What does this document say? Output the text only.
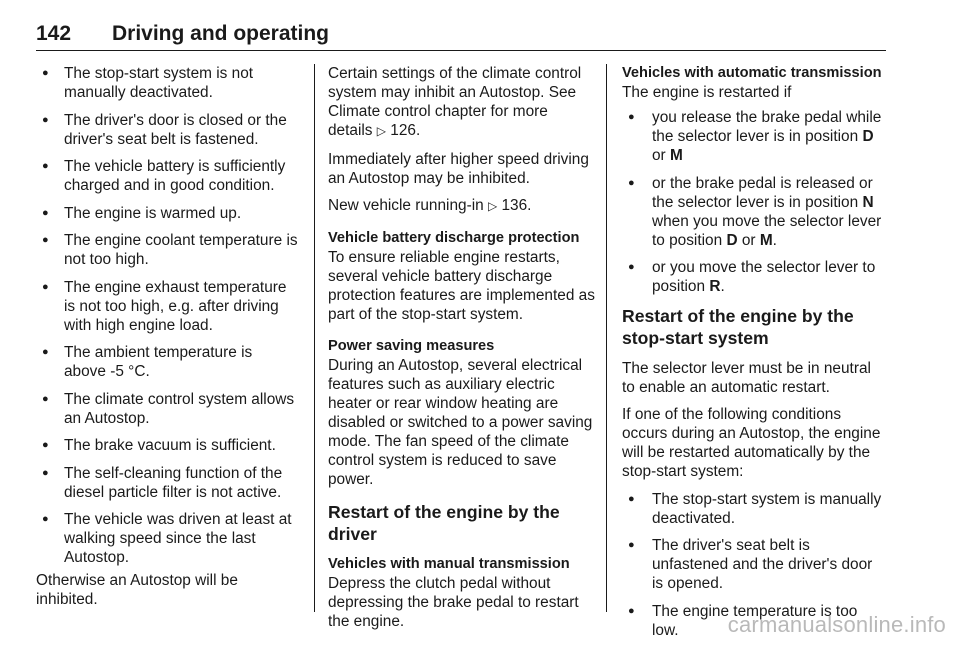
142 Driving and operating
● The stop-start system is not manually deactivated.
● The driver's door is closed or the driver's seat belt is fastened.
● The vehicle battery is sufficiently charged and in good condition.
● The engine is warmed up.
● The engine coolant temperature is not too high.
● The engine exhaust temperature is not too high, e.g. after driving with high engine load.
● The ambient temperature is above -5 °C.
● The climate control system allows an Autostop.
● The brake vacuum is sufficient.
● The self-cleaning function of the diesel particle filter is not active.
● The vehicle was driven at least at walking speed since the last Autostop.

Otherwise an Autostop will be inhibited.

Certain settings of the climate control system may inhibit an Autostop. See Climate control chapter for more details ▷ 126.

Immediately after higher speed driving an Autostop may be inhibited.

New vehicle running-in ▷ 136.

Vehicle battery discharge protection

To ensure reliable engine restarts, several vehicle battery discharge protection features are implemented as part of the stop-start system.

Power saving measures

During an Autostop, several electrical features such as auxiliary electric heater or rear window heating are disabled or switched to a power saving mode. The fan speed of the climate control system is reduced to save power.

Restart of the engine by the driver
Vehicles with manual transmission

Depress the clutch pedal without depressing the brake pedal to restart the engine.

Vehicles with automatic transmission

The engine is restarted if

● you release the brake pedal while the selector lever is in position D or M
● or the brake pedal is released or the selector lever is in position N when you move the selector lever to position D or M.
● or you move the selector lever to position R.
Restart of the engine by the stop-start system

The selector lever must be in neutral to enable an automatic restart.

If one of the following conditions occurs during an Autostop, the engine will be restarted automatically by the stop-start system:

● The stop-start system is manually deactivated.
● The driver's seat belt is unfastened and the driver's door is opened.
● The engine temperature is too low.	carmanualsonline.info
